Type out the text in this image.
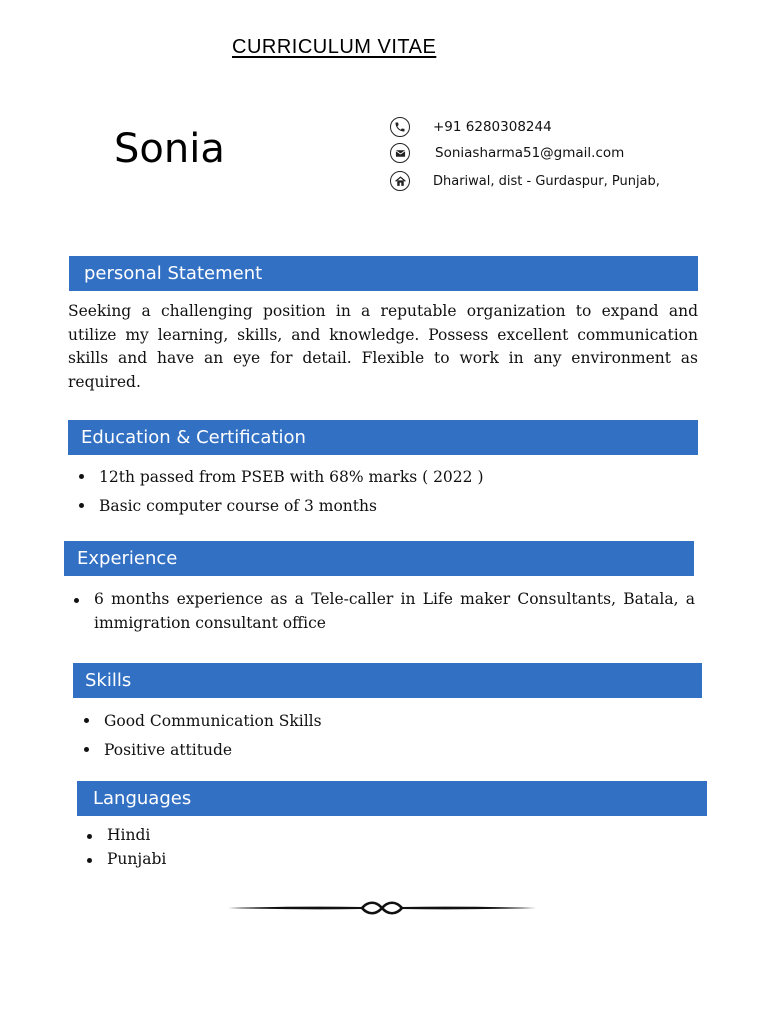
CURRICULUM VITAE
Sonia	+91 6280308244
Soniasharma51@gmail.com
Dhariwal, dist - Gurdaspur, Punjab,
personal Statement

Seeking a challenging position in a reputable organization to expand and utilize my learning, skills, and knowledge. Possess excellent communication skills and have an eye for detail. Flexible to work in any environment as required.

Education & Certification
12th passed from PSEB with 68% marks ( 2022 )
Basic computer course of 3 months
Experience
6 months experience as a Tele-caller in Life maker Consultants, Batala, a immigration consultant office
Skills
Good Communication Skills
Positive attitude
Languages
Hindi
Punjabi
